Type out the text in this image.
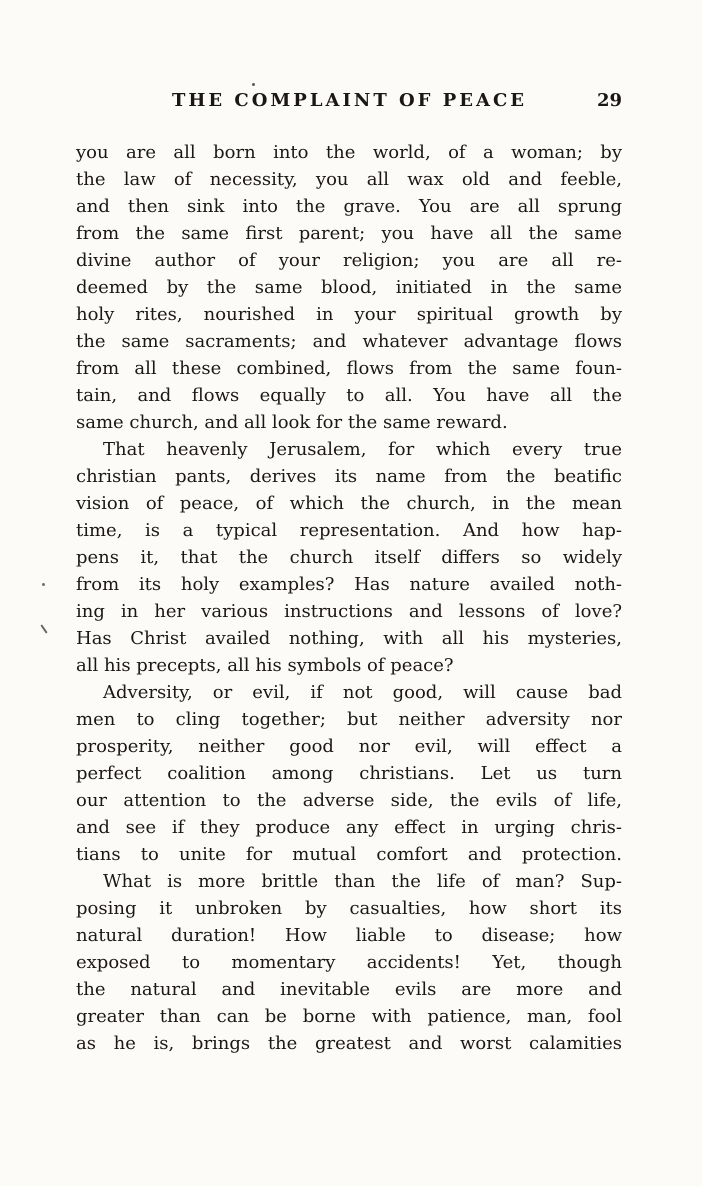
THE COMPLAINT OF PEACE	29
you are all born into the world, of a woman; by
the law of necessity, you all wax old and feeble,
and then sink into the grave. You are all sprung
from the same first parent; you have all the same
divine author of your religion; you are all re-
deemed by the same blood, initiated in the same
holy rites, nourished in your spiritual growth by
the same sacraments; and whatever advantage flows
from all these combined, flows from the same foun-
tain, and flows equally to all. You have all the
same church, and all look for the same reward.
That heavenly Jerusalem, for which every true
christian pants, derives its name from the beatific
vision of peace, of which the church, in the mean
time, is a typical representation. And how hap-
pens it, that the church itself differs so widely
from its holy examples? Has nature availed noth-
ing in her various instructions and lessons of love?
Has Christ availed nothing, with all his mysteries,
all his precepts, all his symbols of peace?
Adversity, or evil, if not good, will cause bad
men to cling together; but neither adversity nor
prosperity, neither good nor evil, will effect a
perfect coalition among christians. Let us turn
our attention to the adverse side, the evils of life,
and see if they produce any effect in urging chris-
tians to unite for mutual comfort and protection.
What is more brittle than the life of man? Sup-
posing it unbroken by casualties, how short its
natural duration! How liable to disease; how
exposed to momentary accidents! Yet, though
the natural and inevitable evils are more and
greater than can be borne with patience, man, fool
as he is, brings the greatest and worst calamities
